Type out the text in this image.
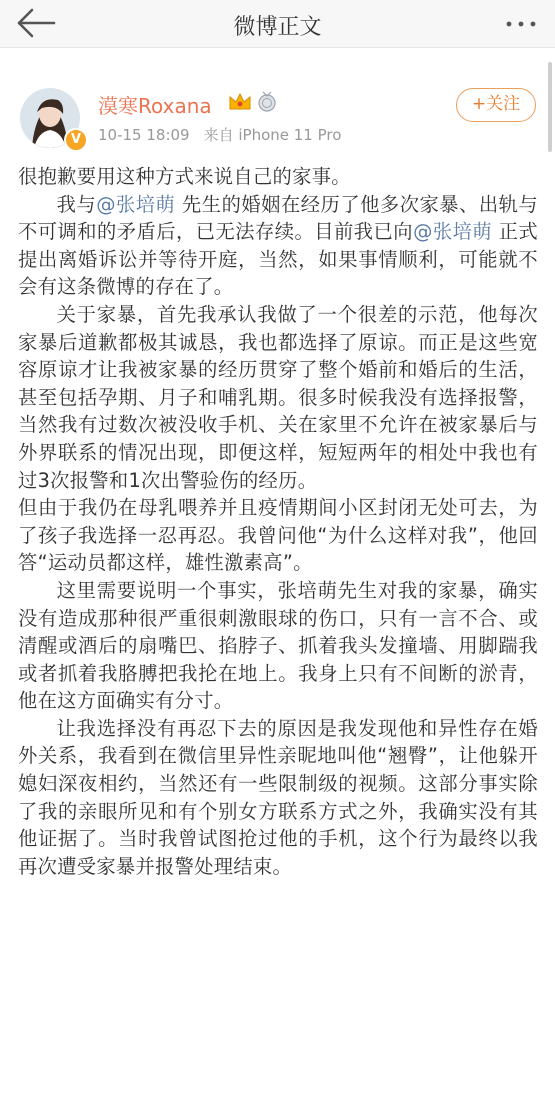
微博正文
V
漠寒Roxana
10-15 18:09 来自 iPhone 11 Pro
+关注

很抱歉要用这种方式来说自己的家事。

我与@张培萌 先生的婚姻在经历了他多次家暴、出轨与不可调和的矛盾后，已无法存续。目前我已向@张培萌 正式提出离婚诉讼并等待开庭，当然，如果事情顺利，可能就不会有这条微博的存在了。

关于家暴，首先我承认我做了一个很差的示范，他每次家暴后道歉都极其诚恳，我也都选择了原谅。而正是这些宽容原谅才让我被家暴的经历贯穿了整个婚前和婚后的生活，甚至包括孕期、月子和哺乳期。很多时候我没有选择报警，当然我有过数次被没收手机、关在家里不允许在被家暴后与外界联系的情况出现，即便这样，短短两年的相处中我也有过3次报警和1次出警验伤的经历。

但由于我仍在母乳喂养并且疫情期间小区封闭无处可去，为了孩子我选择一忍再忍。我曾问他“为什么这样对我”，他回答“运动员都这样，雄性激素高”。

这里需要说明一个事实，张培萌先生对我的家暴，确实没有造成那种很严重很刺激眼球的伤口，只有一言不合、或清醒或酒后的扇嘴巴、掐脖子、抓着我头发撞墙、用脚踹我或者抓着我胳膊把我抡在地上。我身上只有不间断的淤青，他在这方面确实有分寸。

让我选择没有再忍下去的原因是我发现他和异性存在婚外关系，我看到在微信里异性亲昵地叫他“翘臀”，让他躲开媳妇深夜相约，当然还有一些限制级的视频。这部分事实除了我的亲眼所见和有个别女方联系方式之外，我确实没有其他证据了。当时我曾试图抢过他的手机，这个行为最终以我再次遭受家暴并报警处理结束。
